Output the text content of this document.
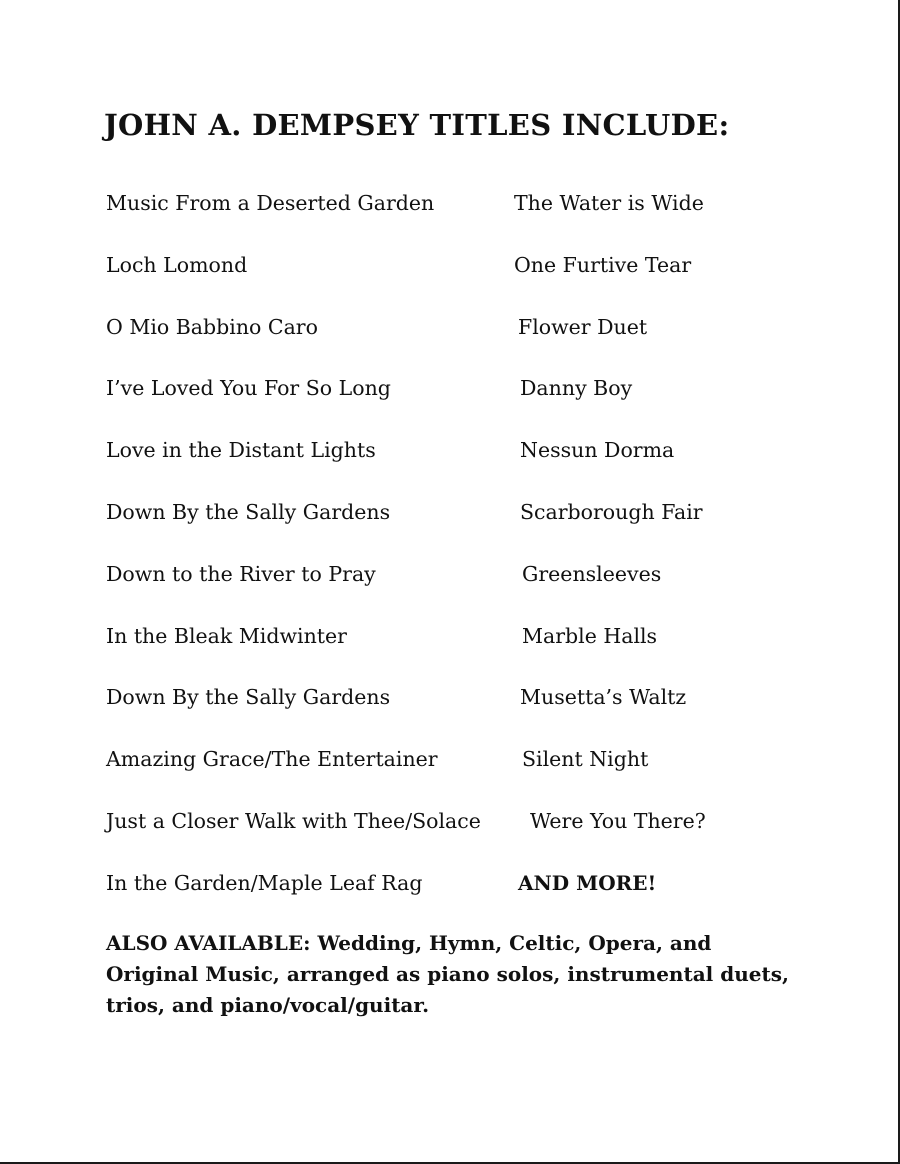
JOHN A. DEMPSEY TITLES INCLUDE:
Music From a Deserted Garden
Loch Lomond
O Mio Babbino Caro
I’ve Loved You For So Long
Love in the Distant Lights
Down By the Sally Gardens
Down to the River to Pray
In the Bleak Midwinter
Down By the Sally Gardens
Amazing Grace/The Entertainer
Just a Closer Walk with Thee/Solace
In the Garden/Maple Leaf Rag
The Water is Wide
One Furtive Tear
Flower Duet
Danny Boy
Nessun Dorma
Scarborough Fair
Greensleeves
Marble Halls
Musetta’s Waltz
Silent Night
Were You There?
AND MORE!

ALSO AVAILABLE: Wedding, Hymn, Celtic, Opera, and Original Music, arranged as piano solos, instrumental duets, trios, and piano/vocal/guitar.
